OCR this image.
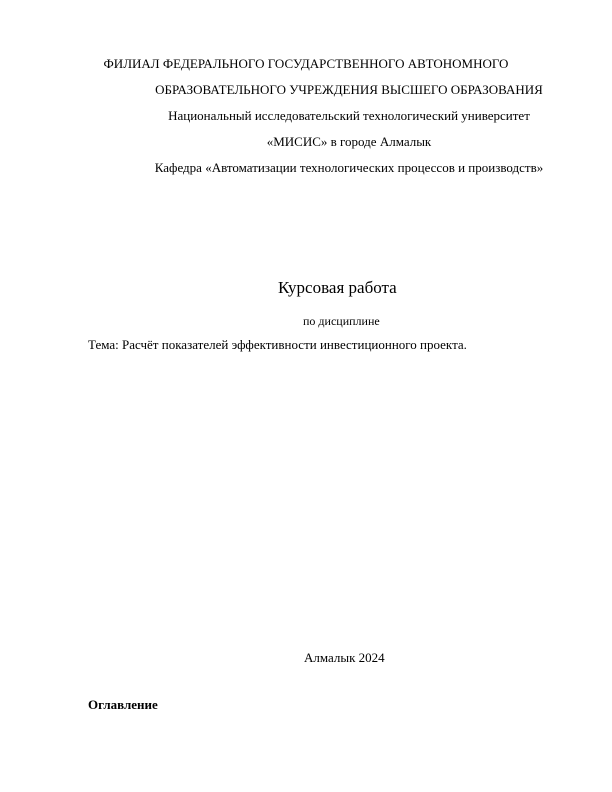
ФИЛИАЛ ФЕДЕРАЛЬНОГО ГОСУДАРСТВЕННОГО АВТОНОМНОГО
ОБРАЗОВАТЕЛЬНОГО УЧРЕЖДЕНИЯ ВЫСШЕГО ОБРАЗОВАНИЯ
Национальный исследовательский технологический университет
«МИСИС» в городе Алмалык
Кафедра «Автоматизации технологических процессов и производств»
Курсовая работа
по дисциплине
Тема: Расчёт показателей эффективности инвестиционного проекта.
Алмалык 2024
Оглавление
